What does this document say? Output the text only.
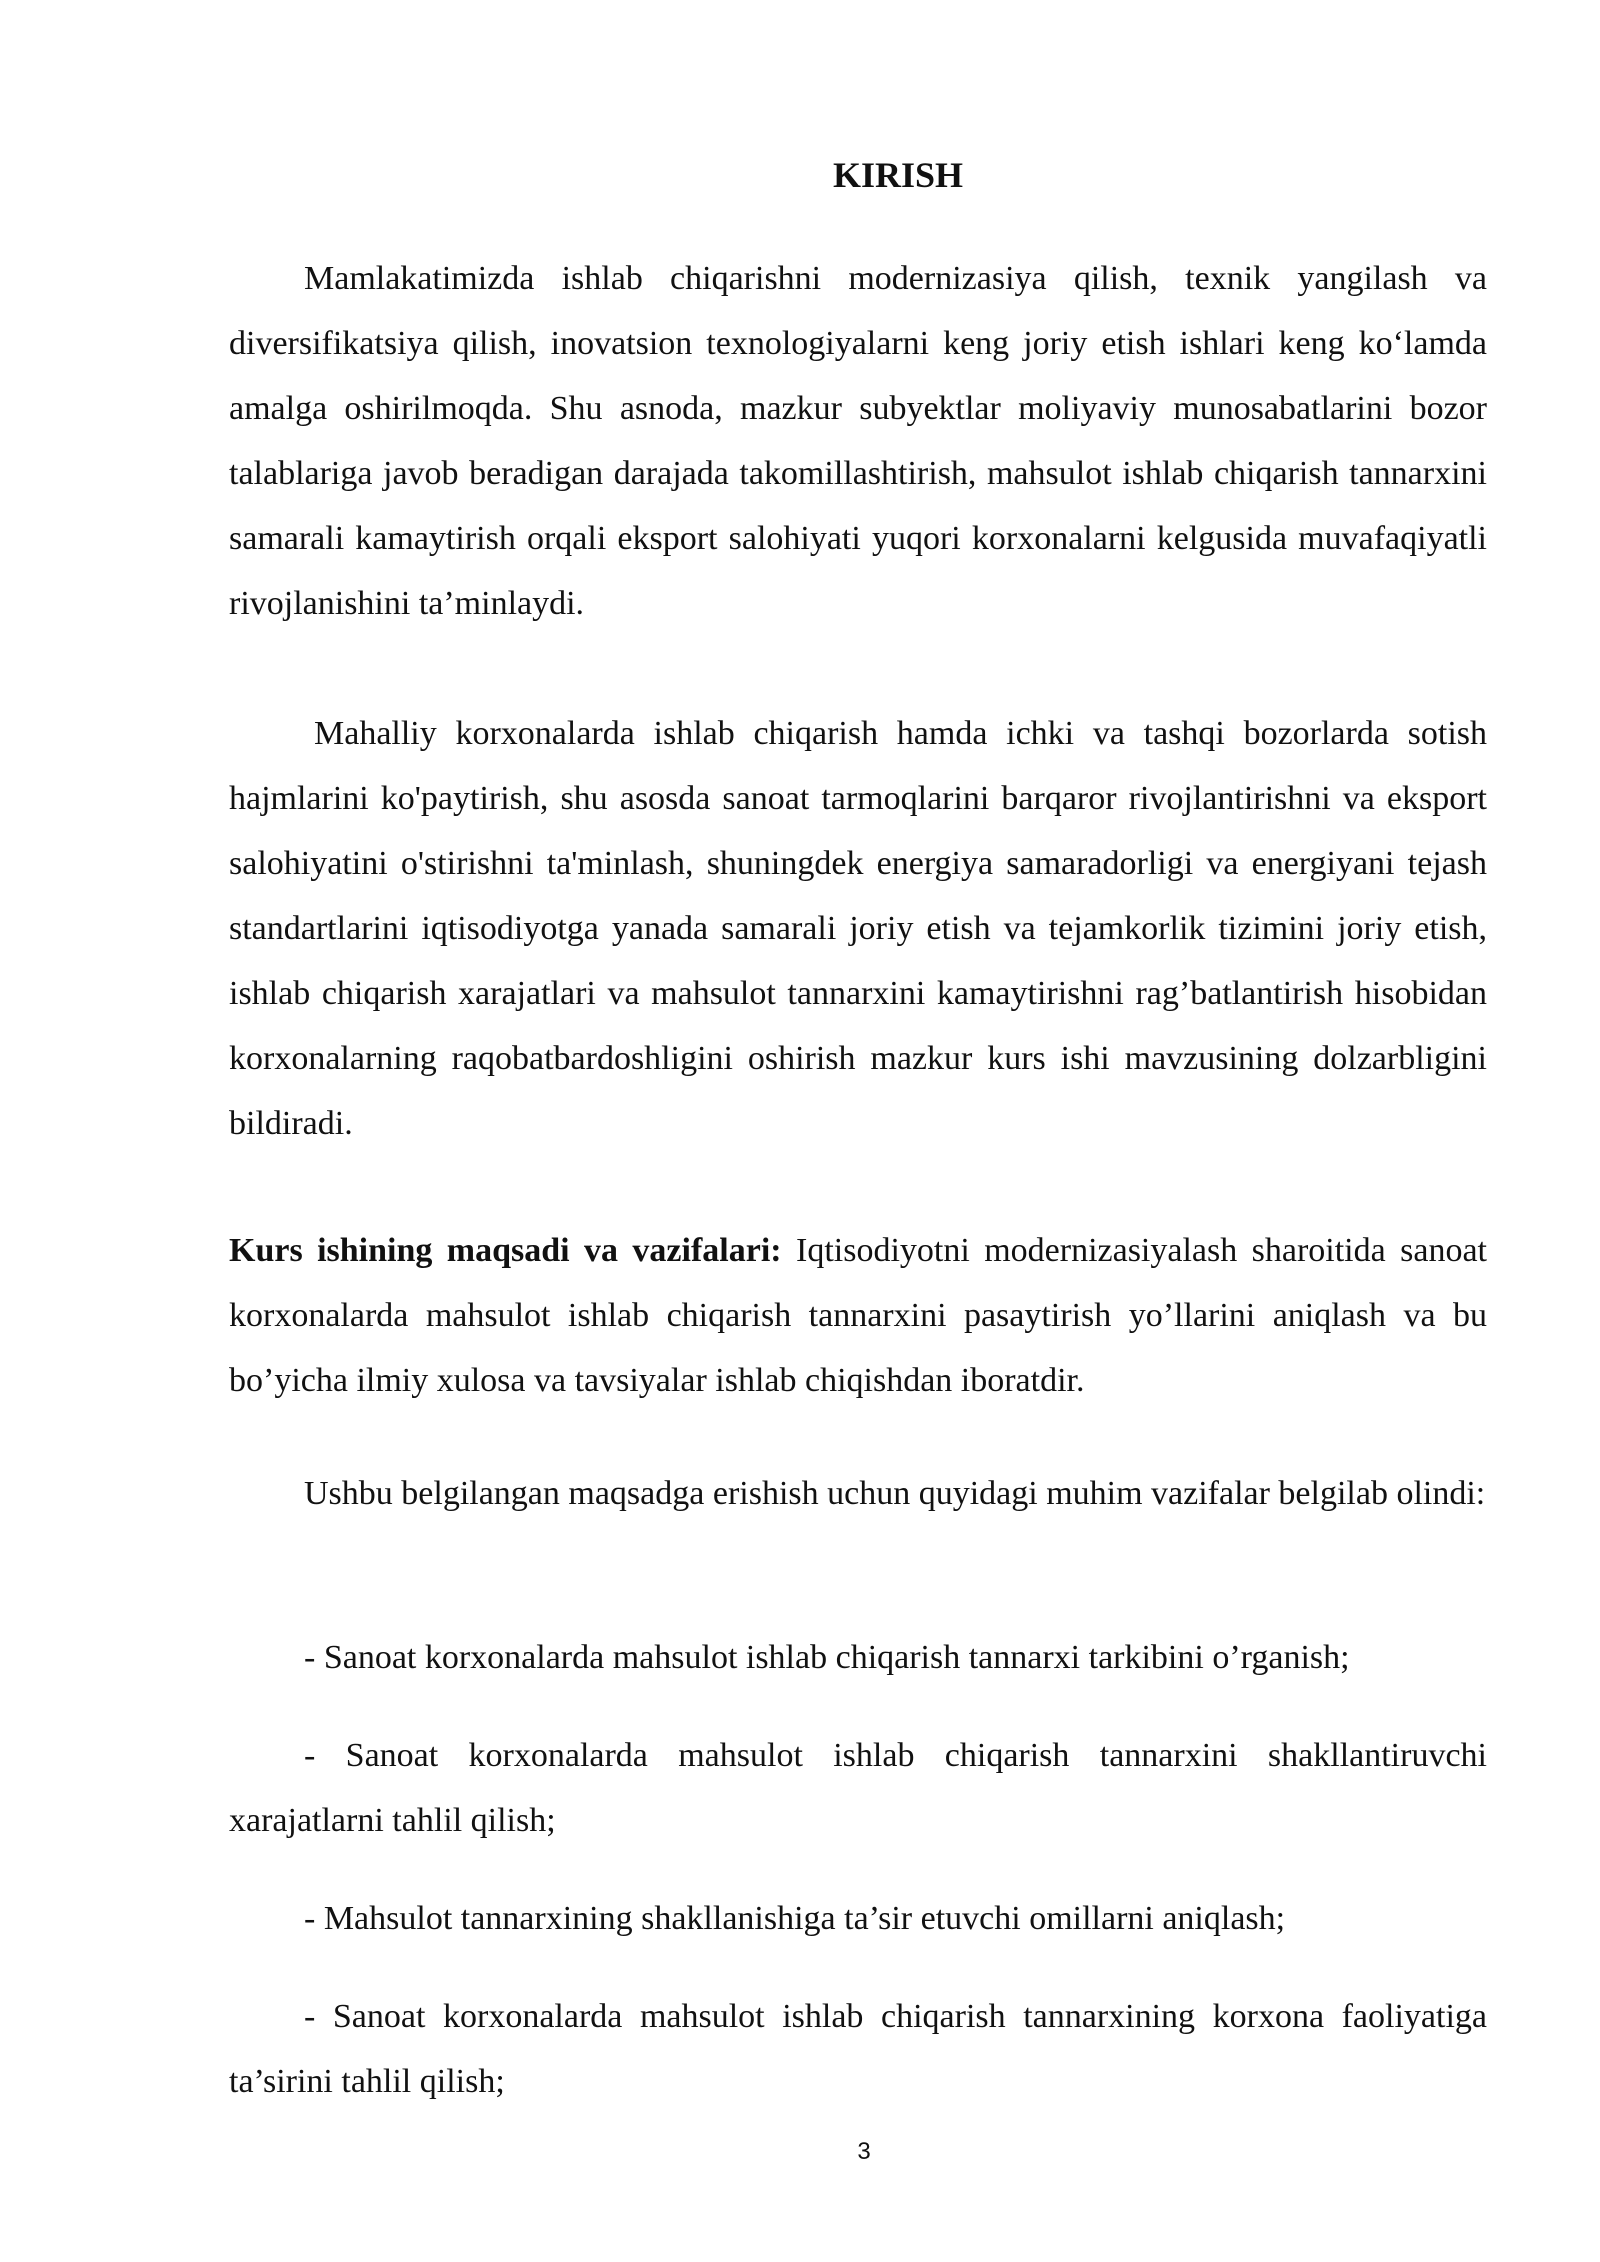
KIRISH

Mamlakatimizda ishlab chiqarishni modernizasiya qilish, texnik yangilash va diversifikatsiya qilish, inovatsion texnologiyalarni keng joriy etish ishlari keng ko‘lamda amalga oshirilmoqda. Shu asnoda, mazkur subyektlar moliyaviy munosabatlarini bozor talablariga javob beradigan darajada takomillashtirish, mahsulot ishlab chiqarish tannarxini samarali kamaytirish orqali eksport salohiyati yuqori korxonalarni kelgusida muvafaqiyatli rivojlanishini ta’minlaydi.

Mahalliy korxonalarda ishlab chiqarish hamda ichki va tashqi bozorlarda sotish hajmlarini ko'paytirish, shu asosda sanoat tarmoqlarini barqaror rivojlantirishni va eksport salohiyatini o'stirishni ta'minlash, shuningdek energiya samaradorligi va energiyani tejash standartlarini iqtisodiyotga yanada samarali joriy etish va tejamkorlik tizimini joriy etish, ishlab chiqarish xarajatlari va mahsulot tannarxini kamaytirishni rag’batlantirish hisobidan korxonalarning raqobatbardoshligini oshirish mazkur kurs ishi mavzusining dolzarbligini bildiradi.

Kurs ishining maqsadi va vazifalari: Iqtisodiyotni modernizasiyalash sharoitida sanoat korxonalarda mahsulot ishlab chiqarish tannarxini pasaytirish yo’llarini aniqlash va bu bo’yicha ilmiy xulosa va tavsiyalar ishlab chiqishdan iboratdir.

Ushbu belgilangan maqsadga erishish uchun quyidagi muhim vazifalar belgilab olindi:

- Sanoat korxonalarda mahsulot ishlab chiqarish tannarxi tarkibini o’rganish;

- Sanoat korxonalarda mahsulot ishlab chiqarish tannarxini shakllantiruvchi xarajatlarni tahlil qilish;

- Mahsulot tannarxining shakllanishiga ta’sir etuvchi omillarni aniqlash;

- Sanoat korxonalarda mahsulot ishlab chiqarish tannarxining korxona faoliyatiga ta’sirini tahlil qilish;

3
